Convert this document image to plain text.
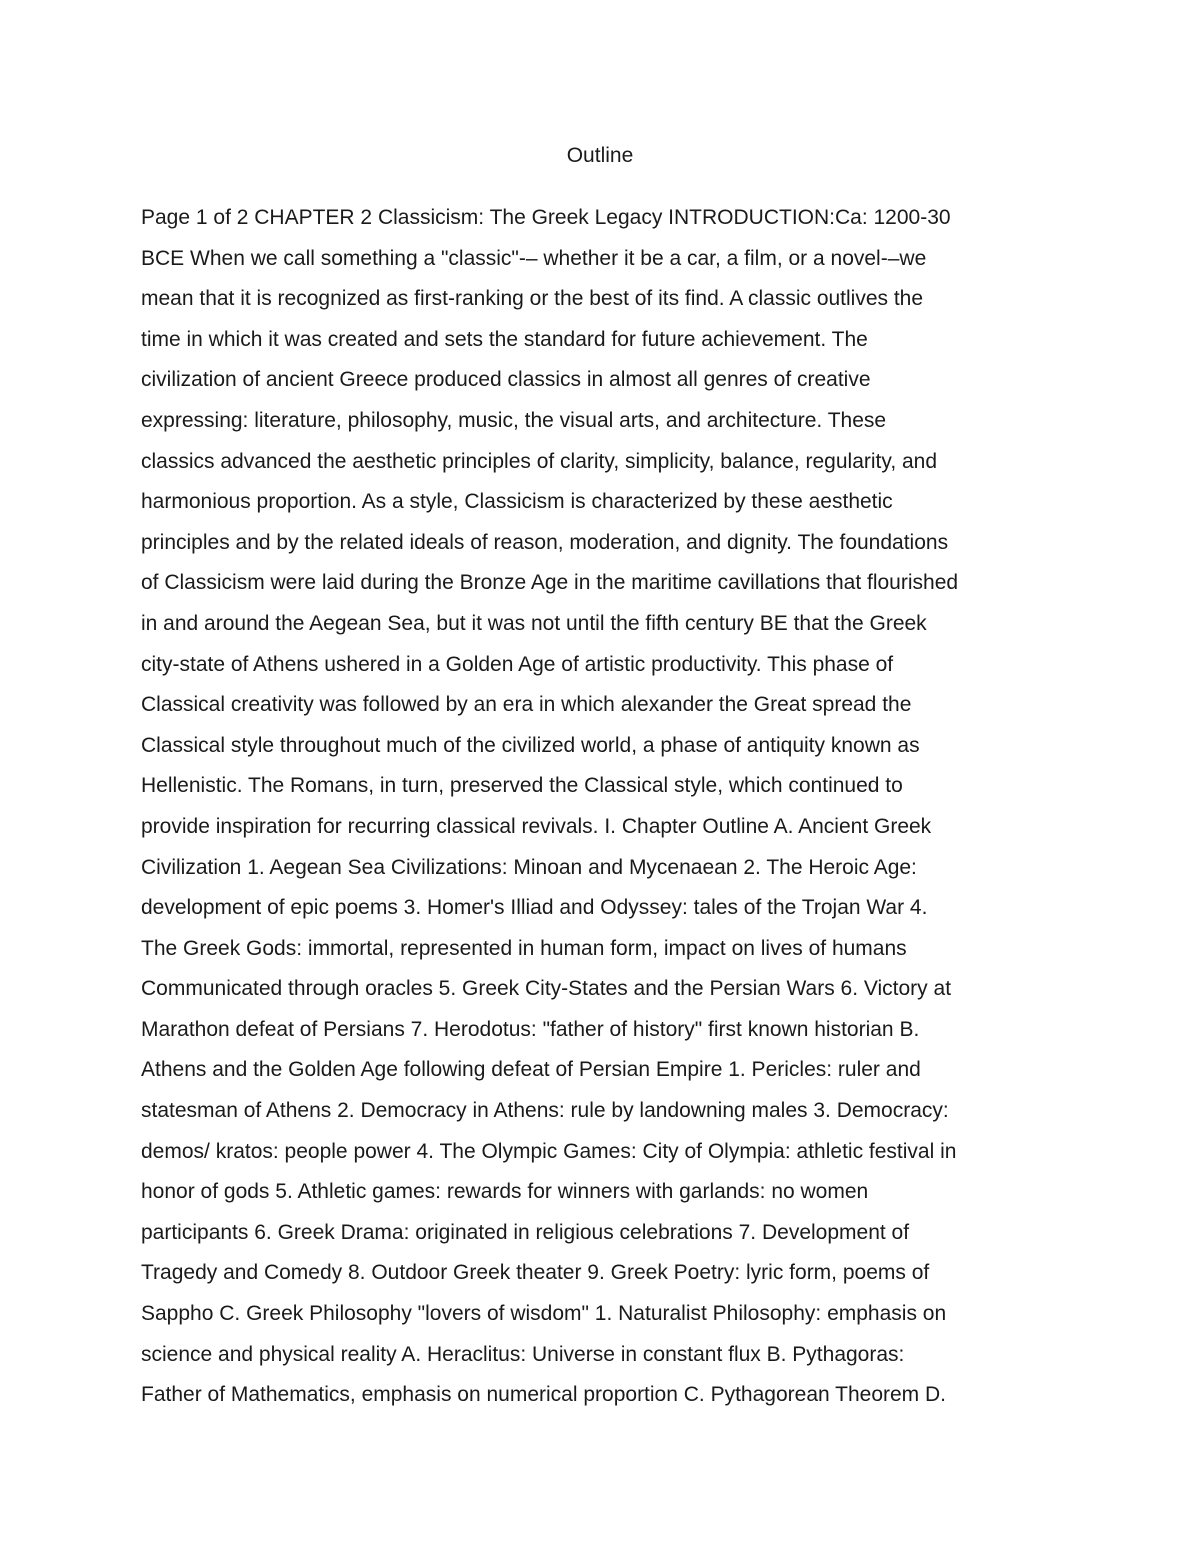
Outline

Page 1 of 2 CHAPTER 2 Classicism: The Greek Legacy INTRODUCTION:Ca: 1200-30
BCE When we call something a "classic"-– whether it be a car, a film, or a novel-–we
mean that it is recognized as first-ranking or the best of its find. A classic outlives the
time in which it was created and sets the standard for future achievement. The
civilization of ancient Greece produced classics in almost all genres of creative
expressing: literature, philosophy, music, the visual arts, and architecture. These
classics advanced the aesthetic principles of clarity, simplicity, balance, regularity, and
harmonious proportion. As a style, Classicism is characterized by these aesthetic
principles and by the related ideals of reason, moderation, and dignity. The foundations
of Classicism were laid during the Bronze Age in the maritime cavillations that flourished
in and around the Aegean Sea, but it was not until the fifth century BE that the Greek
city-state of Athens ushered in a Golden Age of artistic productivity. This phase of
Classical creativity was followed by an era in which alexander the Great spread the
Classical style throughout much of the civilized world, a phase of antiquity known as
Hellenistic. The Romans, in turn, preserved the Classical style, which continued to
provide inspiration for recurring classical revivals. I. Chapter Outline A. Ancient Greek
Civilization 1. Aegean Sea Civilizations: Minoan and Mycenaean 2. The Heroic Age:
development of epic poems 3. Homer's Illiad and Odyssey: tales of the Trojan War 4.
The Greek Gods: immortal, represented in human form, impact on lives of humans
Communicated through oracles 5. Greek City-States and the Persian Wars 6. Victory at
Marathon defeat of Persians 7. Herodotus: "father of history" first known historian B.
Athens and the Golden Age following defeat of Persian Empire 1. Pericles: ruler and
statesman of Athens 2. Democracy in Athens: rule by landowning males 3. Democracy:
demos/ kratos: people power 4. The Olympic Games: City of Olympia: athletic festival in
honor of gods 5. Athletic games: rewards for winners with garlands: no women
participants 6. Greek Drama: originated in religious celebrations 7. Development of
Tragedy and Comedy 8. Outdoor Greek theater 9. Greek Poetry: lyric form, poems of
Sappho C. Greek Philosophy "lovers of wisdom" 1. Naturalist Philosophy: emphasis on
science and physical reality A. Heraclitus: Universe in constant flux B. Pythagoras:
Father of Mathematics, emphasis on numerical proportion C. Pythagorean Theorem D.
